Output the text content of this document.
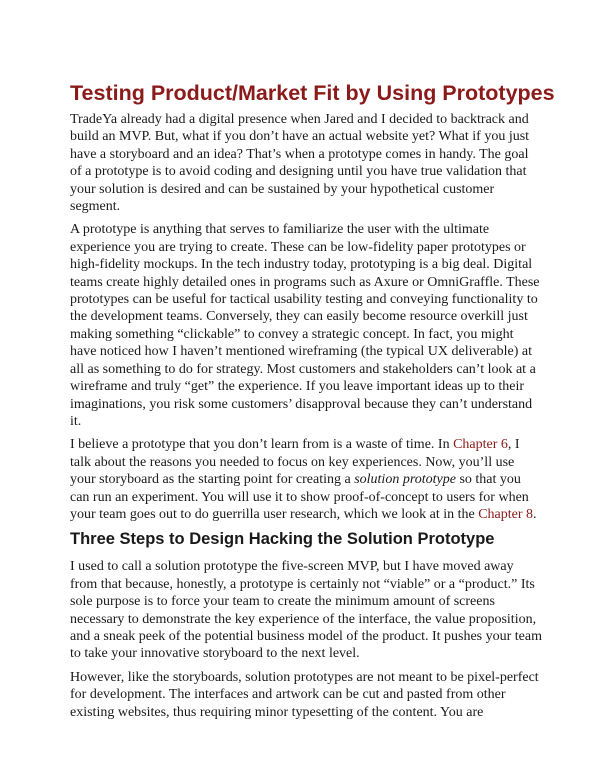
Testing Product/Market Fit by Using Prototypes

TradeYa already had a digital presence when Jared and I decided to backtrack and build an MVP. But, what if you don’t have an actual website yet? What if you just have a storyboard and an idea? That’s when a prototype comes in handy. The goal of a prototype is to avoid coding and designing until you have true validation that your solution is desired and can be sustained by your hypothetical customer segment.

A prototype is anything that serves to familiarize the user with the ultimate experience you are trying to create. These can be low-fidelity paper prototypes or high-fidelity mockups. In the tech industry today, prototyping is a big deal. Digital teams create highly detailed ones in programs such as Axure or OmniGraffle. These prototypes can be useful for tactical usability testing and conveying functionality to the development teams. Conversely, they can easily become resource overkill just making something “clickable” to convey a strategic concept. In fact, you might have noticed how I haven’t mentioned wireframing (the typical UX deliverable) at all as something to do for strategy. Most customers and stakeholders can’t look at a wireframe and truly “get” the experience. If you leave important ideas up to their imaginations, you risk some customers’ disapproval because they can’t understand it.

I believe a prototype that you don’t learn from is a waste of time. In Chapter 6, I talk about the reasons you needed to focus on key experiences. Now, you’ll use your storyboard as the starting point for creating a solution prototype so that you can run an experiment. You will use it to show proof-of-concept to users for when your team goes out to do guerrilla user research, which we look at in the Chapter 8.

Three Steps to Design Hacking the Solution Prototype

I used to call a solution prototype the five-screen MVP, but I have moved away from that because, honestly, a prototype is certainly not “viable” or a “product.” Its sole purpose is to force your team to create the minimum amount of screens necessary to demonstrate the key experience of the interface, the value proposition, and a sneak peek of the potential business model of the product. It pushes your team to take your innovative storyboard to the next level.

However, like the storyboards, solution prototypes are not meant to be pixel-perfect for development. The interfaces and artwork can be cut and pasted from other existing websites, thus requiring minor typesetting of the content. You are
